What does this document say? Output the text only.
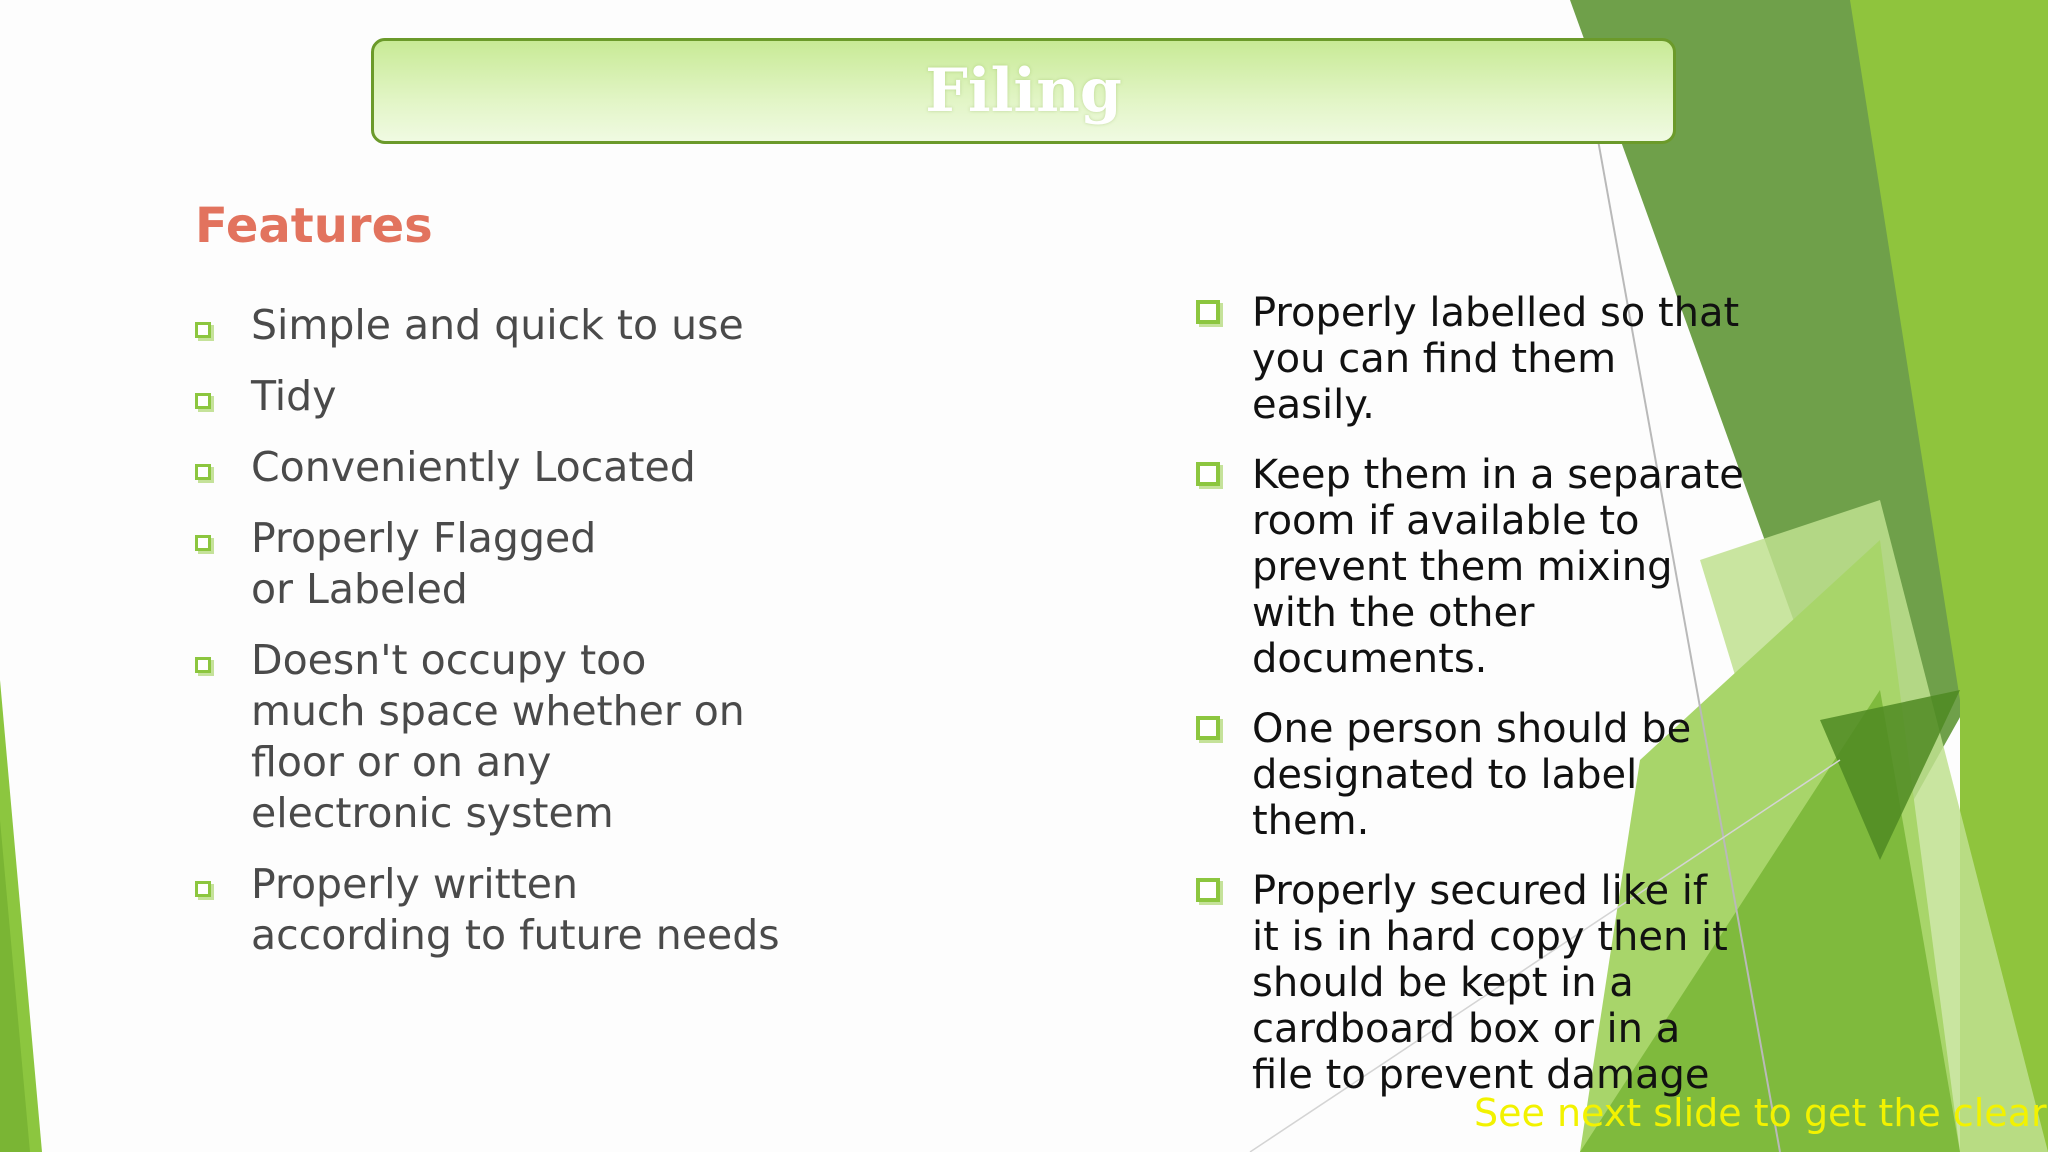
Filing
Features
Simple and quick to use
Tidy
Conveniently Located
Properly Flagged or Labeled
Doesn't occupy too much space whether on floor or on any electronic system
Properly written according to future needs
Properly labelled so that you can find them easily.
Keep them in a separate room if available to prevent them mixing with the other documents.
One person should be designated to label them.
Properly secured like if it is in hard copy then it should be kept in a cardboard box or in a file to prevent damage
See next slide to get the clear
